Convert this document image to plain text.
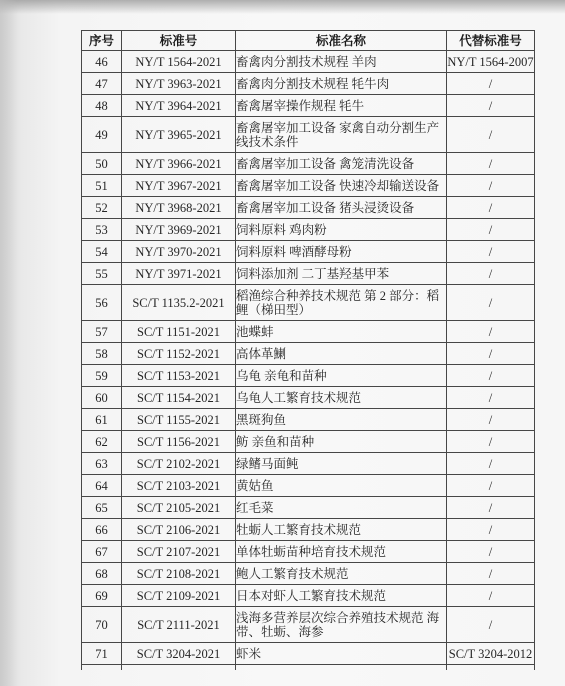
序号	标准号	标准名称	代替标准号
46	NY/T 1564-2021	畜禽肉分割技术规程 羊肉	NY/T 1564-2007
47	NY/T 3963-2021	畜禽肉分割技术规程 牦牛肉	/
48	NY/T 3964-2021	畜禽屠宰操作规程 牦牛	/
49	NY/T 3965-2021	畜禽屠宰加工设备 家禽自动分割生产线技术条件	/
50	NY/T 3966-2021	畜禽屠宰加工设备 禽笼清洗设备	/
51	NY/T 3967-2021	畜禽屠宰加工设备 快速冷却输送设备	/
52	NY/T 3968-2021	畜禽屠宰加工设备 猪头浸烫设备	/
53	NY/T 3969-2021	饲料原料 鸡肉粉	/
54	NY/T 3970-2021	饲料原料 啤酒酵母粉	/
55	NY/T 3971-2021	饲料添加剂 二丁基羟基甲苯	/
56	SC/T 1135.2-2021	稻渔综合种养技术规范 第 2 部分：稻鲤（梯田型）	/
57	SC/T 1151-2021	池蝶蚌	/
58	SC/T 1152-2021	高体革鯻	/
59	SC/T 1153-2021	乌龟 亲龟和苗种	/
60	SC/T 1154-2021	乌龟人工繁育技术规范	/
61	SC/T 1155-2021	黑斑狗鱼	/
62	SC/T 1156-2021	鲂 亲鱼和苗种	/
63	SC/T 2102-2021	绿鳍马面鲀	/
64	SC/T 2103-2021	黄姑鱼	/
65	SC/T 2105-2021	红毛菜	/
66	SC/T 2106-2021	牡蛎人工繁育技术规范	/
67	SC/T 2107-2021	单体牡蛎苗种培育技术规范	/
68	SC/T 2108-2021	鲍人工繁育技术规范	/
69	SC/T 2109-2021	日本对虾人工繁育技术规范	/
70	SC/T 2111-2021	浅海多营养层次综合养殖技术规范 海带、牡蛎、海参	/
71	SC/T 3204-2021	虾米	SC/T 3204-2012
